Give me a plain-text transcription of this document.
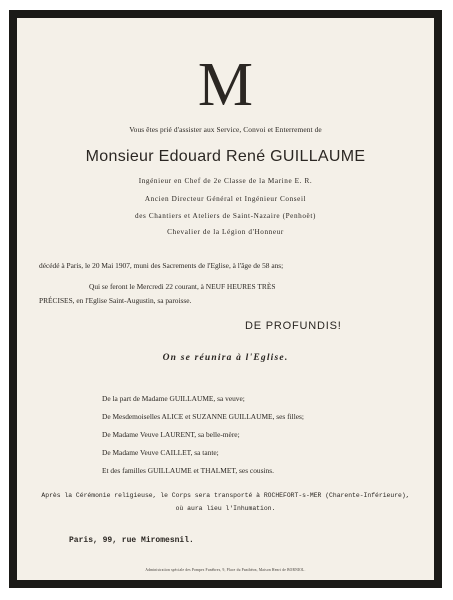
M
Vous êtes prié d'assister aux Service, Convoi et Enterrement de
Monsieur Edouard René GUILLAUME
Ingénieur en Chef de 2e Classe de la Marine E. R.
Ancien Directeur Général et Ingénieur Conseil
des Chantiers et Ateliers de Saint-Nazaire (Penhoët)
Chevalier de la Légion d'Honneur
décédé à Paris, le 20 Mai 1907, muni des Sacrements de l'Eglise, à l'âge de 58 ans;
Qui se feront le Mercredi 22 courant, à NEUF HEURES TRÈS
PRÉCISES, en l'Eglise Saint-Augustin, sa paroisse.
DE PROFUNDIS!
On se réunira à l'Eglise.
De la part de Madame GUILLAUME, sa veuve;
De Mesdemoiselles ALICE et SUZANNE GUILLAUME, ses filles;
De Madame Veuve LAURENT, sa belle-mère;
De Madame Veuve CAILLET, sa tante;
Et des familles GUILLAUME et THALMET, ses cousins.
Après la Cérémonie religieuse, le Corps sera transporté à ROCHEFORT-s-MER (Charente-Inférieure),
où aura lieu l'Inhumation.
Paris, 99, rue Miromesnil.
Administration spéciale des Pompes Funèbres, 9, Place du Panthéon, Maison Henri de BORNIOL.
